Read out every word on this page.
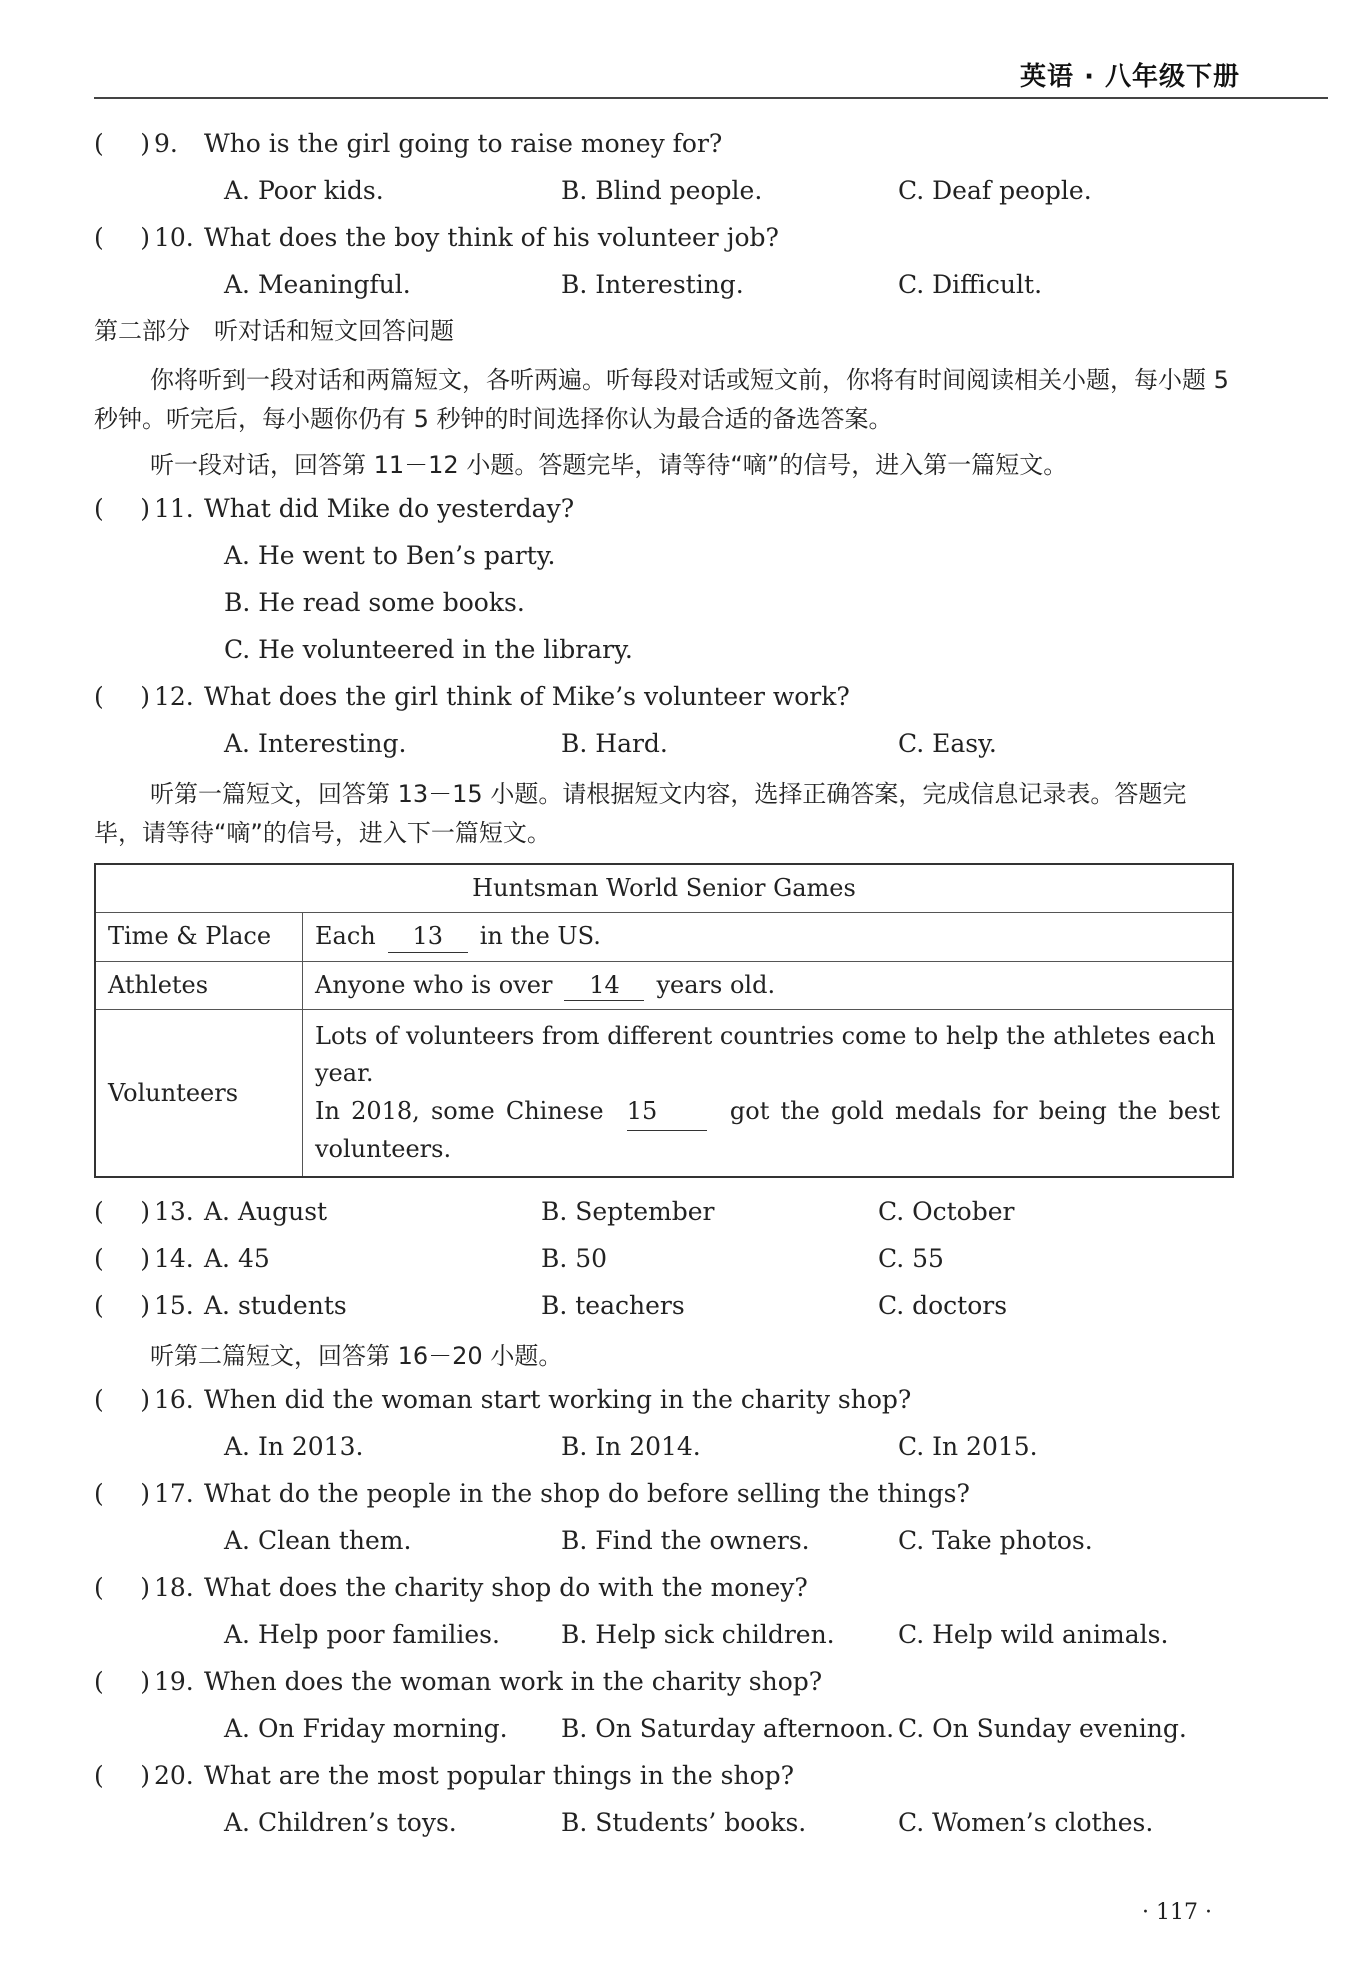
英语 · 八年级下册
( ) 9.	Who is the girl going to raise money for?
A. Poor kids.	B. Blind people.	C. Deaf people.
( ) 10. What does the boy think of his volunteer job?
A. Meaningful.	B. Interesting.	C. Difficult.
第二部分　听对话和短文回答问题

你将听到一段对话和两篇短文，各听两遍。听每段对话或短文前，你将有时间阅读相关小题，每小题 5 秒钟。听完后，每小题你仍有 5 秒钟的时间选择你认为最合适的备选答案。

听一段对话，回答第 11－12 小题。答题完毕，请等待“嘀”的信号，进入第一篇短文。

( ) 11. What did Mike do yesterday?
A. He went to Ben’s party.
B. He read some books.
C. He volunteered in the library.
( ) 12. What does the girl think of Mike’s volunteer work?
A. Interesting.	B. Hard.	C. Easy.

听第一篇短文，回答第 13－15 小题。请根据短文内容，选择正确答案，完成信息记录表。答题完毕，请等待“嘀”的信号，进入下一篇短文。

Huntsman World Senior Games	
Time & Place	Each 13 in the US.
Athletes	Anyone who is over 14 years old.
Volunteers	Lots of volunteers from different countries come to help the athletes each year.
In 2018, some Chinese 15 got the gold medals for being the best
volunteers.
( ) 13. A. August	B. September	C. October
( ) 14. A. 45	B. 50	C. 55
( ) 15. A. students	B. teachers	C. doctors

听第二篇短文，回答第 16－20 小题。

( ) 16. When did the woman start working in the charity shop?
A. In 2013.	B. In 2014.	C. In 2015.
( ) 17. What do the people in the shop do before selling the things?
A. Clean them.	B. Find the owners.	C. Take photos.
( ) 18. What does the charity shop do with the money?
A. Help poor families.	B. Help sick children.	C. Help wild animals.
( ) 19. When does the woman work in the charity shop?
A. On Friday morning.	B. On Saturday afternoon. C. On Sunday evening.
( ) 20. What are the most popular things in the shop?
A. Children’s toys.	B. Students’ books.	C. Women’s clothes.
· 117 ·
